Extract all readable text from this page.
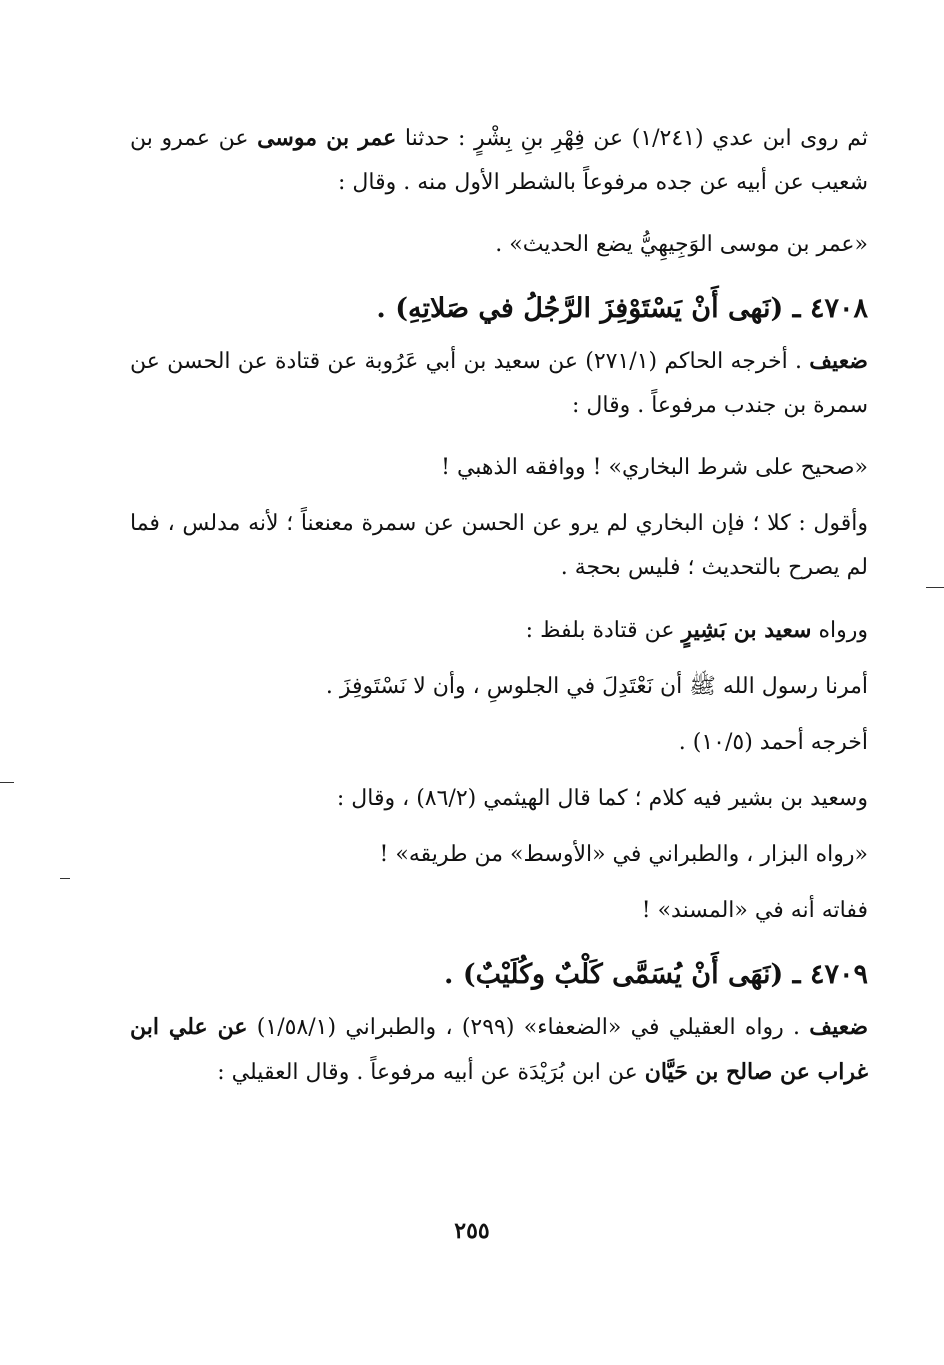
ثم روى ابن عدي (١/٢٤١) عن فِهْرِ بنِ بِشْرٍ : حدثنا عمر بن موسى عن عمرو بن شعيب عن أبيه عن جده مرفوعاً بالشطر الأول منه . وقال :

«عمر بن موسى الوَجِيهِيُّ يضع الحديث» .

٤٧٠٨ ـ (نَهى أَنْ يَسْتَوْفِزَ الرَّجُلُ في صَلاتِهِ) .

ضعيف . أخرجه الحاكم (٢٧١/١) عن سعيد بن أبي عَرُوبة عن قتادة عن الحسن عن سمرة بن جندب مرفوعاً . وقال :

«صحيح على شرط البخاري» ! ووافقه الذهبي !

وأقول : كلا ؛ فإن البخاري لم يرو عن الحسن عن سمرة معنعناً ؛ لأنه مدلس ، فما لم يصرح بالتحديث ؛ فليس بحجة .

ورواه سعيد بن بَشِيرٍ عن قتادة بلفظ :

أمرنا رسول الله ﷺ أن نَعْتَدِلَ في الجلوسِ ، وأن لا نَسْتَوفِزَ .

أخرجه أحمد (١٠/٥) .

وسعيد بن بشير فيه كلام ؛ كما قال الهيثمي (٨٦/٢) ، وقال :

«رواه البزار ، والطبراني في «الأوسط» من طريقه» !

ففاته أنه في «المسند» !

٤٧٠٩ ـ (نَهَى أَنْ يُسَمَّى كَلْبٌ وكُلَيْبٌ) .

ضعيف . رواه العقيلي في «الضعفاء» (٢٩٩) ، والطبراني (١/٥٨/١) عن علي ابن غراب عن صالح بن حَيَّان عن ابن بُرَيْدَة عن أبيه مرفوعاً . وقال العقيلي :

٢٥٥
